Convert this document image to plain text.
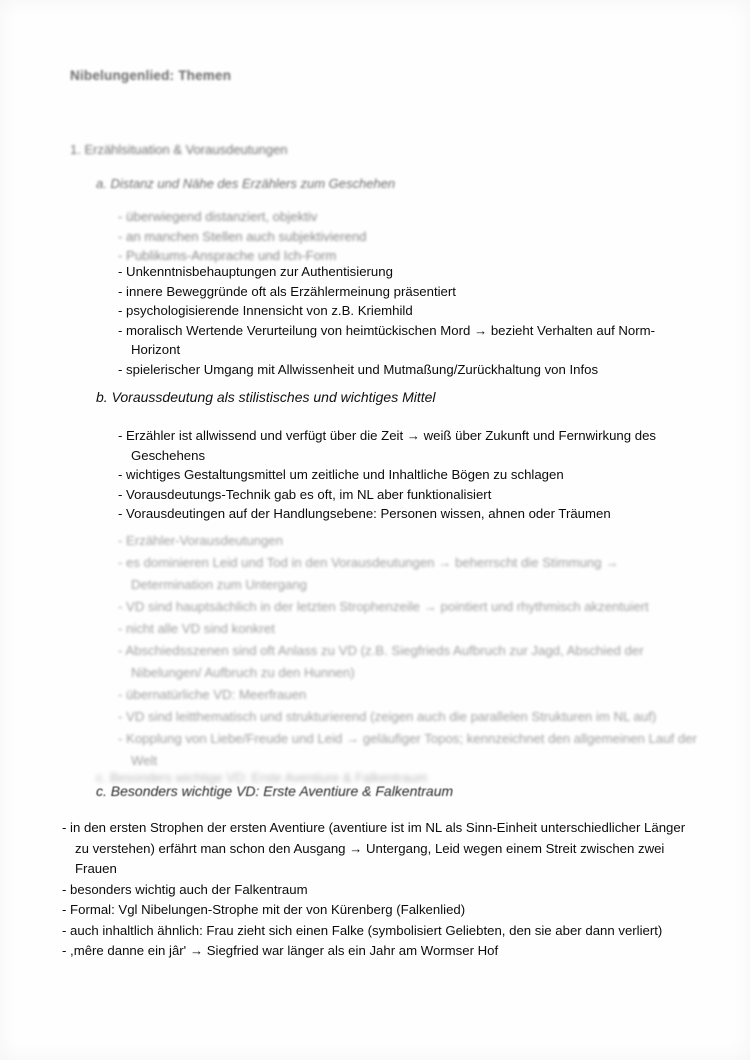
Nibelungenlied: Themen
1. Erzählsituation & Vorausdeutungen
a. Distanz und Nähe des Erzählers zum Geschehen
- überwiegend distanziert, objektiv
- an manchen Stellen auch subjektivierend
- Publikums-Ansprache und Ich-Form
- Unkenntnisbehauptungen zur Authentisierung
- innere Beweggründe oft als Erzählermeinung präsentiert
- psychologisierende Innensicht von z.B. Kriemhild
- moralisch Wertende Verurteilung von heimtückischen Mord → bezieht Verhalten auf Norm-Horizont
- spielerischer Umgang mit Allwissenheit und Mutmaßung/Zurückhaltung von Infos
b. Voraussdeutung als stilistisches und wichtiges Mittel
- Erzähler ist allwissend und verfügt über die Zeit → weiß über Zukunft und Fernwirkung des Geschehens
- wichtiges Gestaltungsmittel um zeitliche und Inhaltliche Bögen zu schlagen
- Vorausdeutungs-Technik gab es oft, im NL aber funktionalisiert
- Vorausdeutingen auf der Handlungsebene: Personen wissen, ahnen oder Träumen
- Erzähler-Vorausdeutungen
- es dominieren Leid und Tod in den Vorausdeutungen → beherrscht die Stimmung → Determination zum Untergang
- VD sind hauptsächlich in der letzten Strophenzeile → pointiert und rhythmisch akzentuiert
- nicht alle VD sind konkret
- Abschiedsszenen sind oft Anlass zu VD (z.B. Siegfrieds Aufbruch zur Jagd, Abschied der Nibelungen/ Aufbruch zu den Hunnen)
- übernatürliche VD: Meerfrauen
- VD sind leitthematisch und strukturierend (zeigen auch die parallelen Strukturen im NL auf)
- Kopplung von Liebe/Freude und Leid → geläufiger Topos; kennzeichnet den allgemeinen Lauf der Welt
c. Besonders wichtige VD: Erste Aventiure & Falkentraum
c. Besonders wichtige VD: Erste Aventiure & Falkentraum
- in den ersten Strophen der ersten Aventiure (aventiure ist im NL als Sinn-Einheit unterschiedlicher Länger zu verstehen) erfährt man schon den Ausgang → Untergang, Leid wegen einem Streit zwischen zwei Frauen
- besonders wichtig auch der Falkentraum
- Formal: Vgl Nibelungen-Strophe mit der von Kürenberg (Falkenlied)
- auch inhaltlich ähnlich: Frau zieht sich einen Falke (symbolisiert Geliebten, den sie aber dann verliert)
- ,mêre danne ein jâr' → Siegfried war länger als ein Jahr am Wormser Hof
